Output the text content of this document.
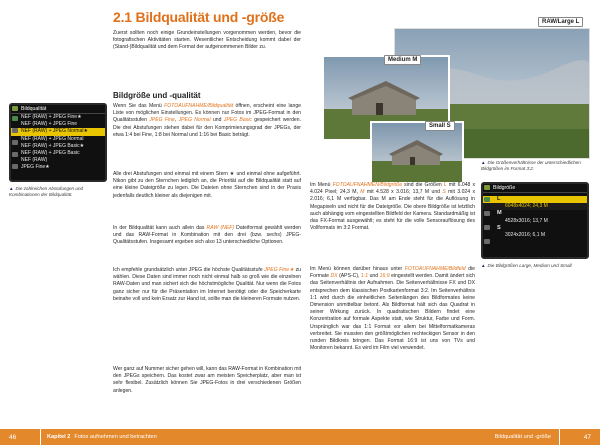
2.1 Bildqualität und -größe
Zuerst sollten noch einige Grundeinstellungen vorgenommen werden, bevor die fotografischen Aktivitäten starten. Wesentlicher Entscheidung kommt dabei der (Stand-)Bildqualität und dem Format der aufgenommenen Bilder zu.
Bildgröße und -qualität
Wenn Sie das Menü FOTOAUFNAHME/Bildqualität öffnen, erscheint eine lange Liste von möglichen Einstellungen. Es können nur Fotos im JPEG-Format in den Qualitätsstufen JPEG Fine, JPEG Normal und JPEG Basic gespeichert werden. Die drei Abstufungen stehen dabei für den Komprimierungsgrad der JPEGs, der etwa 1:4 bei Fine, 1:8 bei Normal und 1:16 bei Basic beträgt.
Alle drei Abstufungen sind einmal mit einem Stern ★ und einmal ohne aufgeführt. Nikon gibt zu den Sternchen lediglich an, die Priorität auf die Bildqualität statt auf eine kleine Dateigröße zu legen. Die Dateien ohne Sternchen sind in der Praxis jedenfalls deutlich kleiner als diejenigen mit.
In der Bildqualität kann auch allein das RAW (NEF) Dateiformat gewählt werden und das RAW-Format in Kombination mit den drei (bzw. sechs) JPEG-Qualitätsstufen. Insgesamt ergeben sich also 13 unterschiedliche Optionen.
Ich empfehle grundsätzlich unter JPEG die höchste Qualitätsstufe JPEG Fine★ zu wählen. Diese Daten sind immer noch nicht einmal halb so groß wie die einzelnen RAW-Daten und man sichert sich die höchstmögliche Qualität. Nur wenn die Fotos ganz sicher nur für die Präsentation im Internet benötigt oder die Speicherkarte beinahe voll und kein Ersatz zur Hand ist, sollte man die kleineren Formate nutzen.
Wer ganz auf Nummer sicher gehen will, kann das RAW-Format in Kombination mit den JPEGs speichern. Das kostet zwar am meisten Speicherplatz, aber man ist sehr flexibel. Zusätzlich können Sie JPEG-Fotos in drei verschiedenen Größen anlegen.
Bildqualität
NEF (RAW) + JPEG Fine★
NEF (RAW) + JPEG Fine
NEF (RAW) + JPEG Normal★
NEF (RAW) + JPEG Normal
NEF (RAW) + JPEG Basic★
NEF (RAW) + JPEG Basic
NEF (RAW)
JPEG Fine★
▲ Die zahlreichen Abstufungen und Kombinationen der Bildqualität.
RAW/Large L
Medium M
Small S
▲ Die Größenverhältnisse der unterschiedlichen Bildgrößen im Format 3:2.
Im Menü FOTOAUFNAHMEN/Bildgröße sind die Größen L mit 6.048 x 4.024 Pixel; 24,3 M, M mit 4.528 x 3.016; 13,7 M und S mit 3.024 x 2.016; 6,1 M verfügbar. Das M am Ende steht für die Auflösung in Megapixeln und nicht für die Dateigröße. Die obere Bildgröße ist letztlich auch abhängig vom eingestellten Bildfeld der Kamera. Standardmäßig ist das FX-Format ausgewählt; es steht für die volle Sensorauflösung des Vollformats im 3:2 Format.
Im Menü können darüber hinaus unter FOTOAUFNAHME/Bildfeld die Formate DX (APS-C), 1:1 und 16:9 eingestellt werden. Damit ändert sich das Seitenverhältnis der Aufnahmen. Die Seitenverhältnisse FX und DX entsprechen dem klassischen Postkartenformat 3:2. Im Seitenverhältnis 1:1 wird durch die einheitlichen Seitenlängen des Bildformates keine Dimension unmittelbar betont. Als Bildformat hält sich das Quadrat in seiner Wirkung zurück. In quadratischen Bildern findet eine Konzentration auf formale Aspekte statt, wie Struktur, Farbe und Form. Ursprünglich war das 1:1 Format vor allem bei Mittelformatkameras verbreitet. Sie mussten den größtmöglichen rechteckigen Sensor in den runden Bildkreis bringen. Das Format 16:9 ist uns von TVs und Monitoren bekannt. Es wird im Film viel verwendet.
Bildgröße
L
6048x4024; 24,3 M
M
4528x3016; 13,7 M
S
3024x2016; 6,1 M
▲ Die Bildgrößen Large, Medium und Small.
46	Kapitel 2 Fotos aufnehmen und betrachten	Bildqualität und -größe	47
